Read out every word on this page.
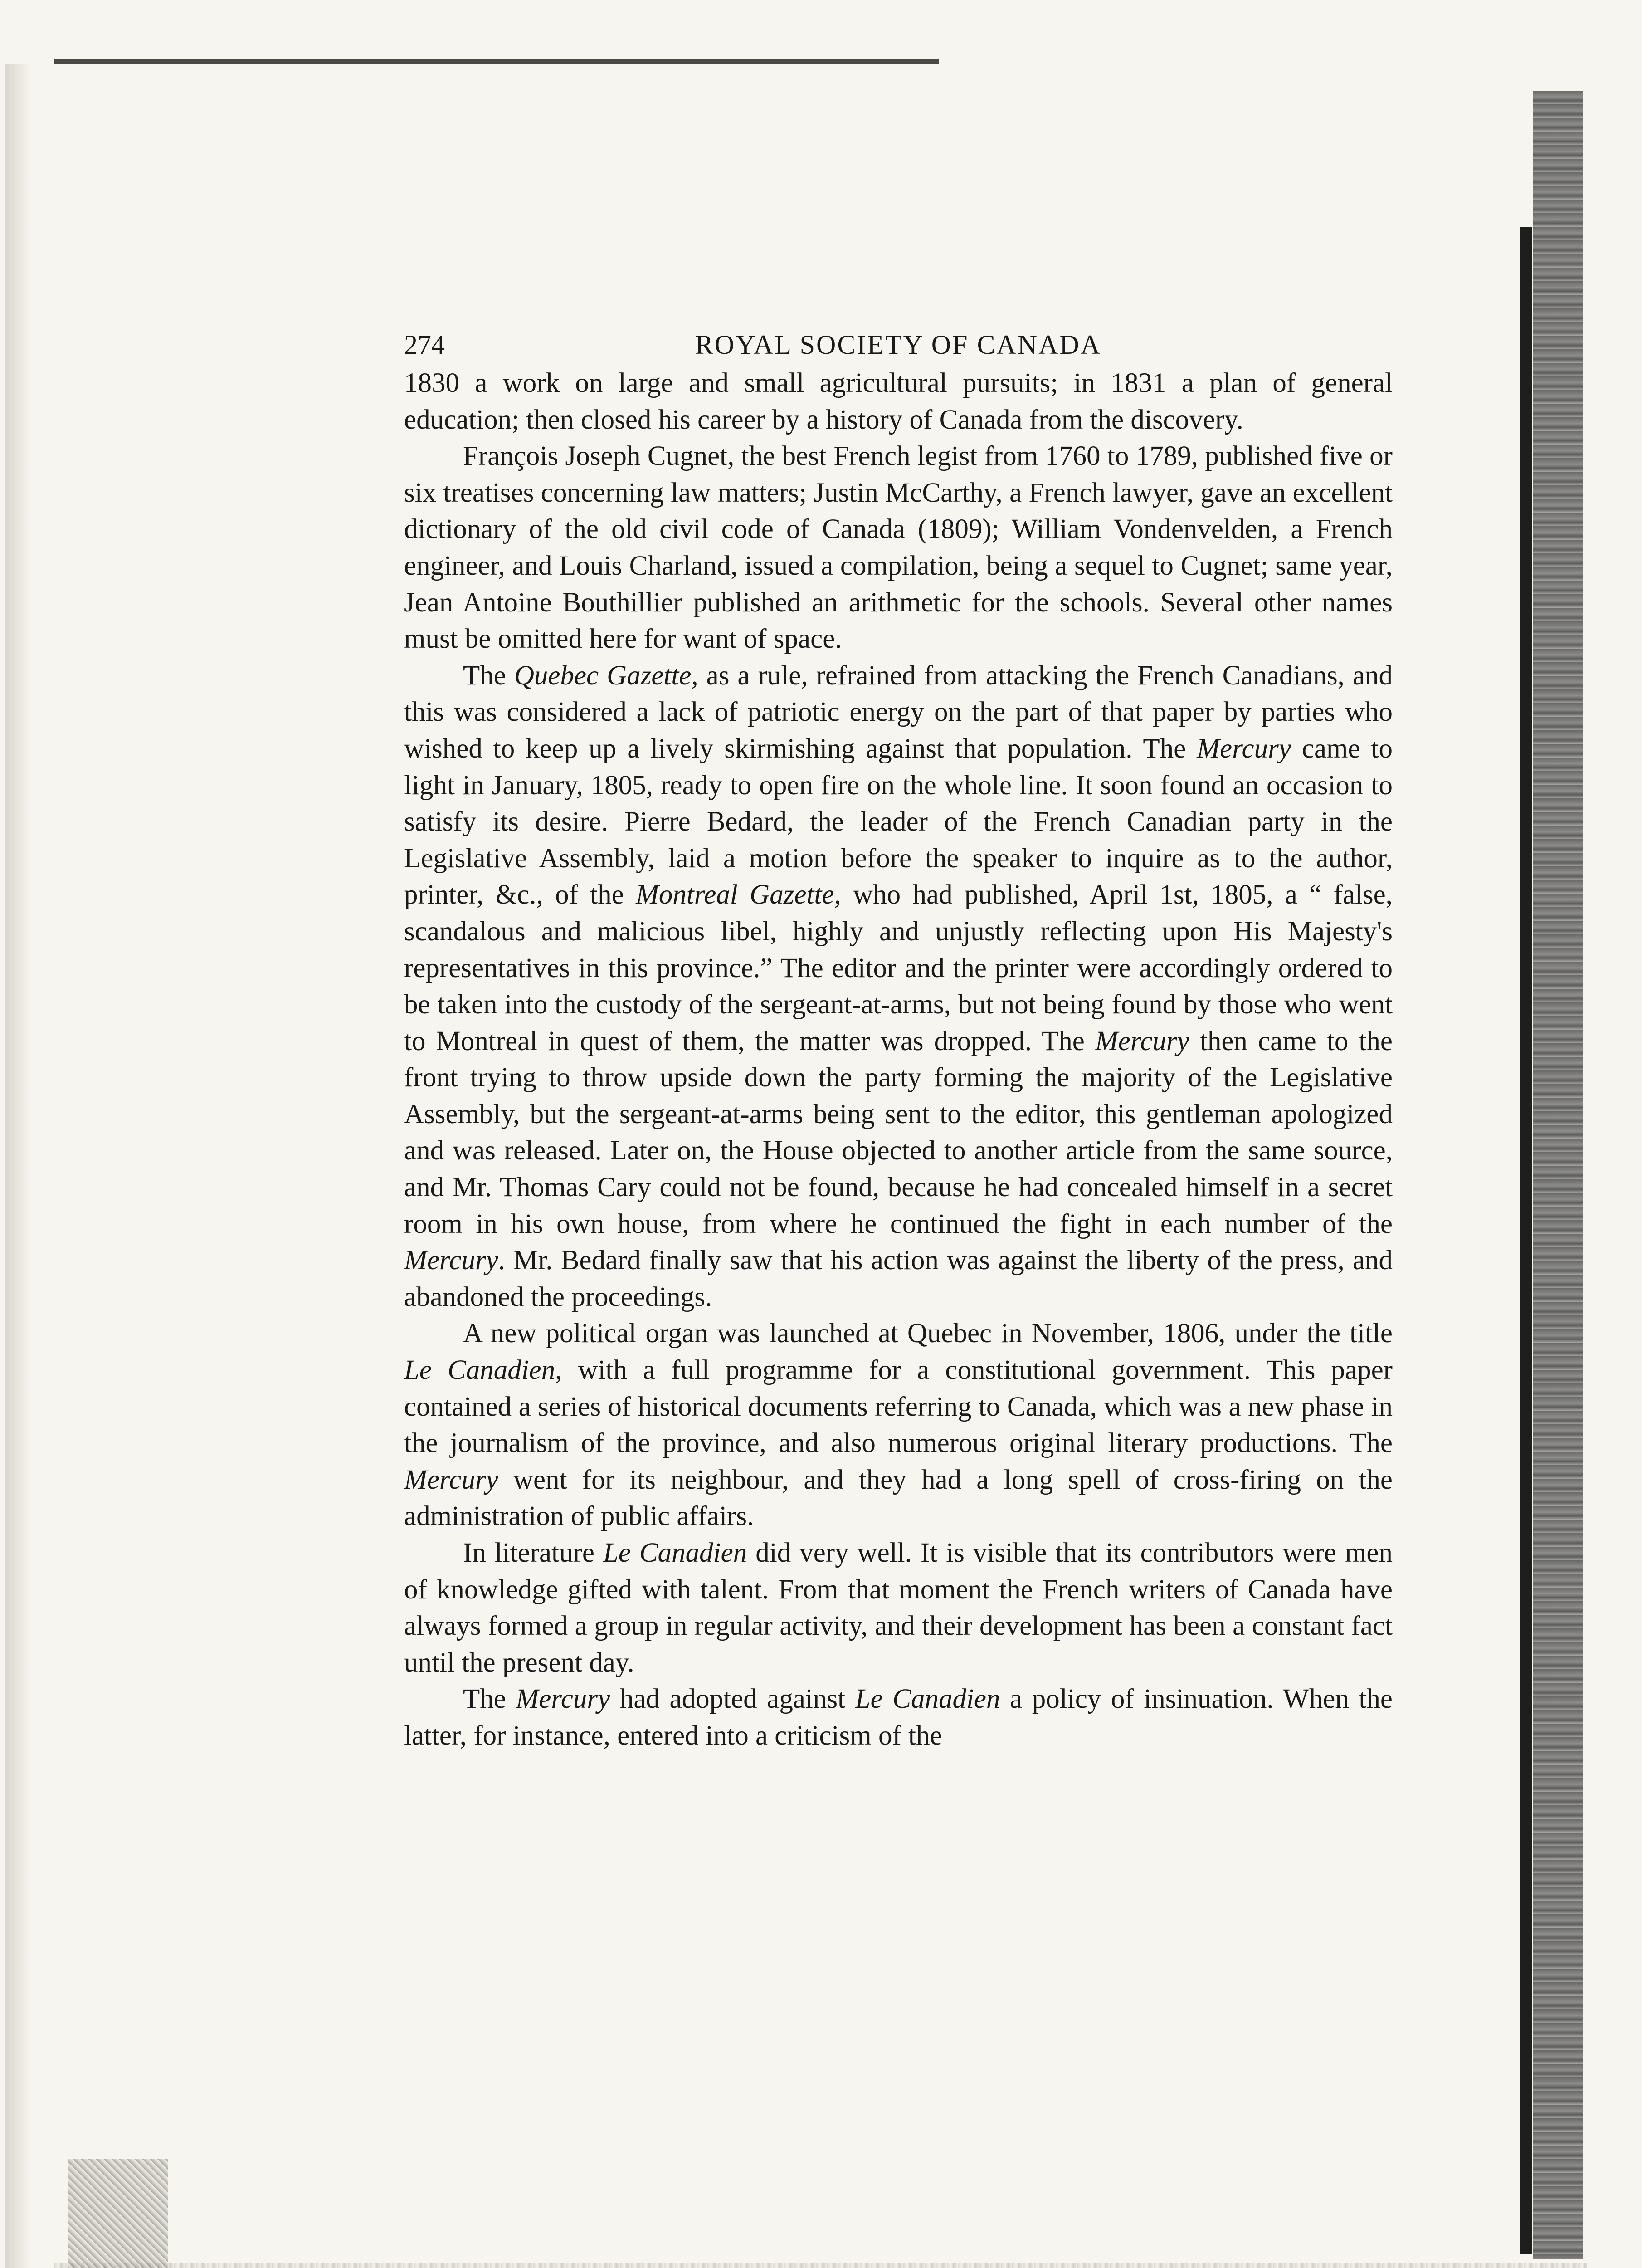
274	ROYAL SOCIETY OF CANADA

1830 a work on large and small agricultural pursuits; in 1831 a plan of general education; then closed his career by a history of Canada from the discovery.

François Joseph Cugnet, the best French legist from 1760 to 1789, published five or six treatises concerning law matters; Justin McCarthy, a French lawyer, gave an excellent dictionary of the old civil code of Canada (1809); William Vondenvelden, a French engineer, and Louis Charland, issued a compilation, being a sequel to Cugnet; same year, Jean Antoine Bouthillier published an arithmetic for the schools. Several other names must be omitted here for want of space.

The Quebec Gazette, as a rule, refrained from attacking the French Canadians, and this was considered a lack of patriotic energy on the part of that paper by parties who wished to keep up a lively skirmishing against that population. The Mercury came to light in January, 1805, ready to open fire on the whole line. It soon found an occasion to satisfy its desire. Pierre Bedard, the leader of the French Canadian party in the Legislative Assembly, laid a motion before the speaker to inquire as to the author, printer, &c., of the Montreal Gazette, who had published, April 1st, 1805, a “ false, scandalous and malicious libel, highly and unjustly reflecting upon His Majesty's representatives in this province.” The editor and the printer were accordingly ordered to be taken into the custody of the sergeant-at-arms, but not being found by those who went to Montreal in quest of them, the matter was dropped. The Mercury then came to the front trying to throw upside down the party forming the majority of the Legislative Assembly, but the sergeant-at-arms being sent to the editor, this gentleman apologized and was released. Later on, the House objected to another article from the same source, and Mr. Thomas Cary could not be found, because he had concealed himself in a secret room in his own house, from where he continued the fight in each number of the Mercury. Mr. Bedard finally saw that his action was against the liberty of the press, and abandoned the proceedings.

A new political organ was launched at Quebec in November, 1806, under the title Le Canadien, with a full programme for a constitutional government. This paper contained a series of historical documents referring to Canada, which was a new phase in the journalism of the province, and also numerous original literary productions. The Mercury went for its neighbour, and they had a long spell of cross-firing on the administration of public affairs.

In literature Le Canadien did very well. It is visible that its contributors were men of knowledge gifted with talent. From that moment the French writers of Canada have always formed a group in regular activity, and their development has been a constant fact until the present day.

The Mercury had adopted against Le Canadien a policy of insinuation. When the latter, for instance, entered into a criticism of the
